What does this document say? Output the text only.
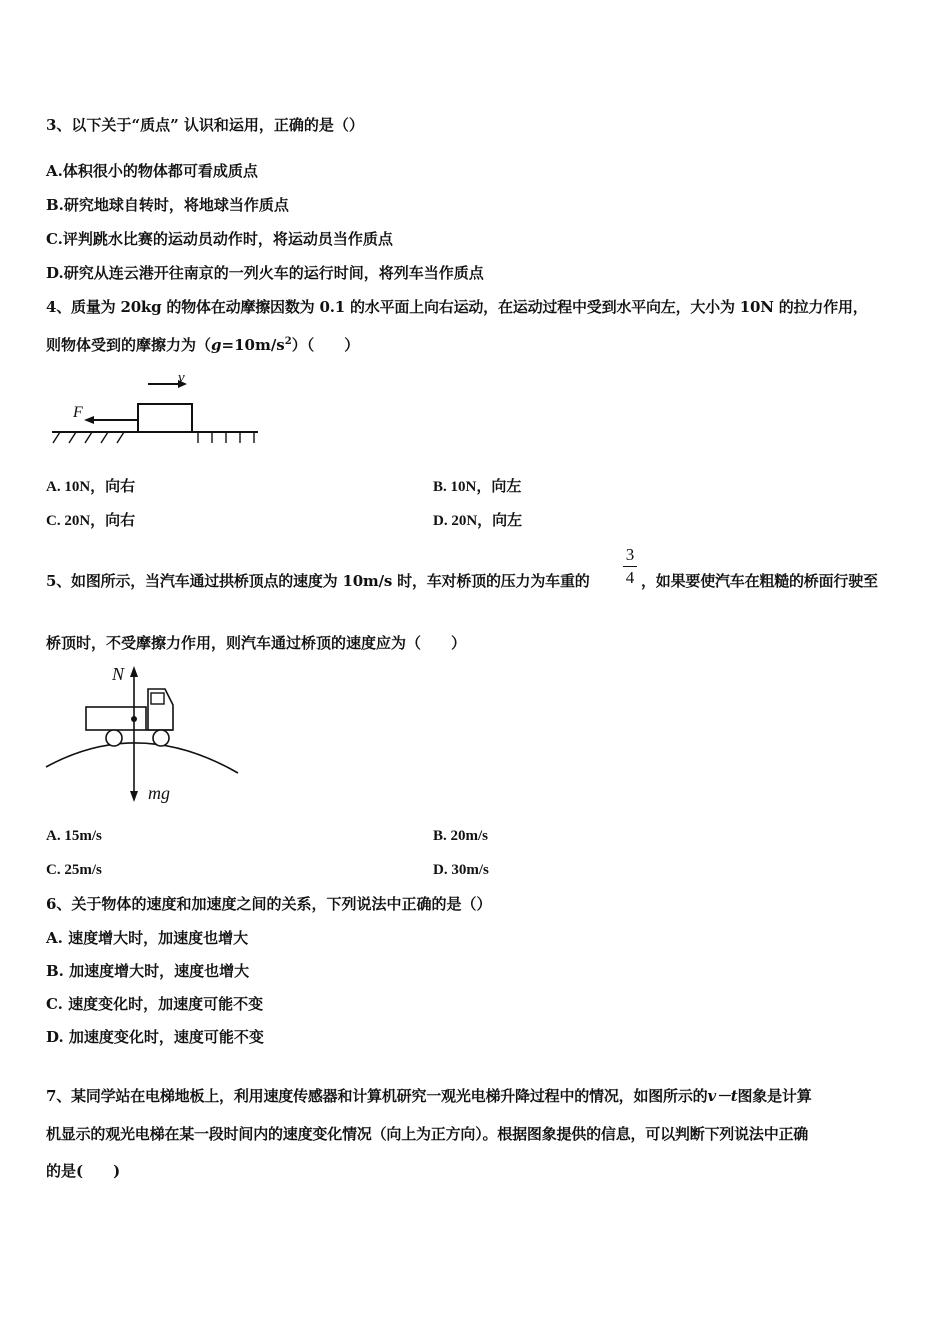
3、以下关于“质点” 认识和运用，正确的是（）
A.体积很小的物体都可看成质点
B.研究地球自转时，将地球当作质点
C.评判跳水比赛的运动员动作时，将运动员当作质点
D.研究从连云港开往南京的一列火车的运行时间，将列车当作质点
4、质量为 20kg 的物体在动摩擦因数为 0.1 的水平面上向右运动，在运动过程中受到水平向左，大小为 10N 的拉力作用，
则物体受到的摩擦力为$(g=10m/s^2)$（　　）
v
F
A. 10N，向右	B. 10N，向左
C. 20N，向右	D. 20N，向左
5、如图所示，当汽车通过拱桥顶点的速度为 10m/s 时，车对桥顶的压力为车重的
3
4 ，如果要使汽车在粗糙的桥面行驶至
桥顶时，不受摩擦力作用，则汽车通过桥顶的速度应为（　　）
N
mg
A. 15m/s	B. 20m/s
C. 25m/s	D. 30m/s
6、关于物体的速度和加速度之间的关系，下列说法中正确的是（）
A. 速度增大时，加速度也增大
B. 加速度增大时，速度也增大
C. 速度变化时，加速度可能不变
D. 加速度变化时，速度可能不变
7、某同学站在电梯地板上，利用速度传感器和计算机研究一观光电梯升降过程中的情况，如图所示的v－t图象是计算
机显示的观光电梯在某一段时间内的速度变化情况（向上为正方向）。根据图象提供的信息，可以判断下列说法中正确
的是(　　)
